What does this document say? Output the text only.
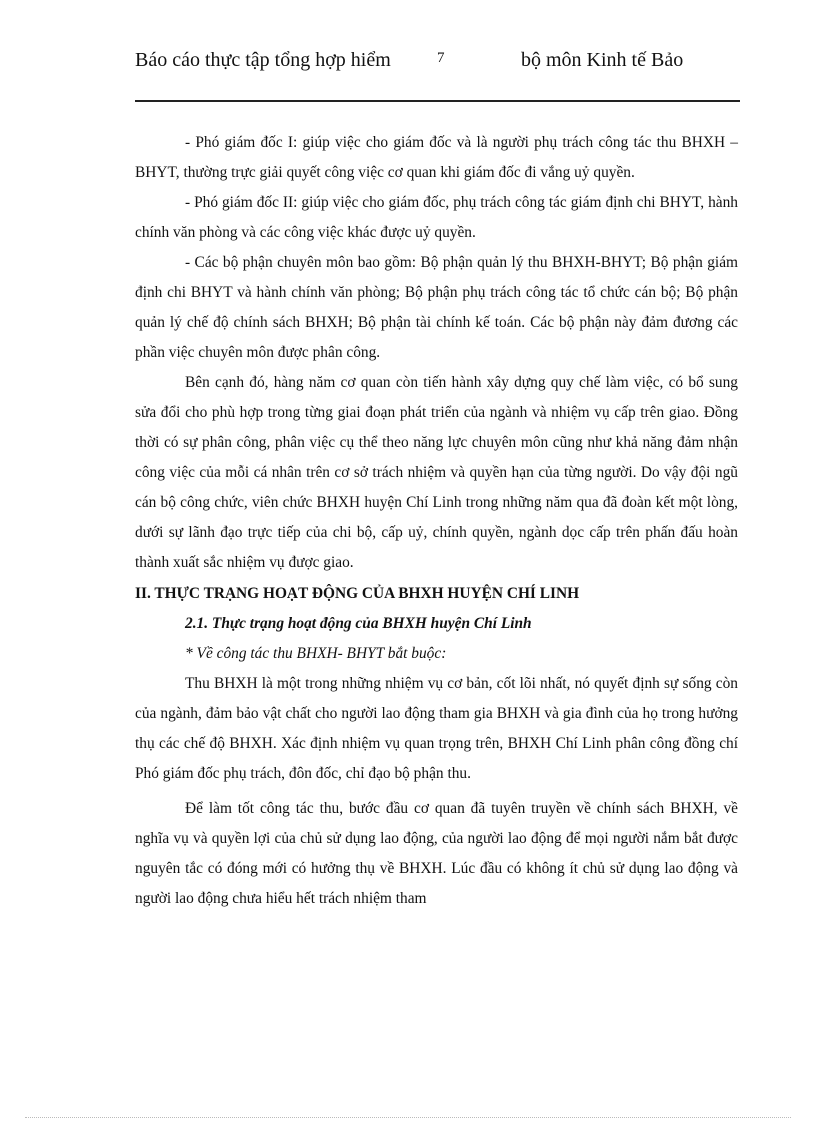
Báo cáo thực tập tổng hợp hiểm	7	bộ môn Kinh tế Bảo

- Phó giám đốc I: giúp việc cho giám đốc và là người phụ trách công tác thu BHXH – BHYT, thường trực giải quyết công việc cơ quan khi giám đốc đi vắng uỷ quyền.

- Phó giám đốc II: giúp việc cho giám đốc, phụ trách công tác giám định chi BHYT, hành chính văn phòng và các công việc khác được uỷ quyền.

- Các bộ phận chuyên môn bao gồm: Bộ phận quản lý thu BHXH-BHYT; Bộ phận giám định chi BHYT và hành chính văn phòng; Bộ phận phụ trách công tác tổ chức cán bộ; Bộ phận quản lý chế độ chính sách BHXH; Bộ phận tài chính kế toán. Các bộ phận này đảm đương các phần việc chuyên môn được phân công.

Bên cạnh đó, hàng năm cơ quan còn tiến hành xây dựng quy chế làm việc, có bổ sung sửa đổi cho phù hợp trong từng giai đoạn phát triển của ngành và nhiệm vụ cấp trên giao. Đồng thời có sự phân công, phân việc cụ thể theo năng lực chuyên môn cũng như khả năng đảm nhận công việc của mỗi cá nhân trên cơ sở trách nhiệm và quyền hạn của từng người. Do vậy đội ngũ cán bộ công chức, viên chức BHXH huyện Chí Linh trong những năm qua đã đoàn kết một lòng, dưới sự lãnh đạo trực tiếp của chi bộ, cấp uỷ, chính quyền, ngành dọc cấp trên phấn đấu hoàn thành xuất sắc nhiệm vụ được giao.

II. THỰC TRẠNG HOẠT ĐỘNG CỦA BHXH HUYỆN CHÍ LINH

2.1. Thực trạng hoạt động của BHXH huyện Chí Linh

* Về công tác thu BHXH- BHYT bắt buộc:

Thu BHXH là một trong những nhiệm vụ cơ bản, cốt lõi nhất, nó quyết định sự sống còn của ngành, đảm bảo vật chất cho người lao động tham gia BHXH và gia đình của họ trong hưởng thụ các chế độ BHXH. Xác định nhiệm vụ quan trọng trên, BHXH Chí Linh phân công đồng chí Phó giám đốc phụ trách, đôn đốc, chỉ đạo bộ phận thu.

Để làm tốt công tác thu, bước đầu cơ quan đã tuyên truyền về chính sách BHXH, về nghĩa vụ và quyền lợi của chủ sử dụng lao động, của người lao động để mọi người nắm bắt được nguyên tắc có đóng mới có hưởng thụ về BHXH. Lúc đầu có không ít chủ sử dụng lao động và người lao động chưa hiểu hết trách nhiệm tham
